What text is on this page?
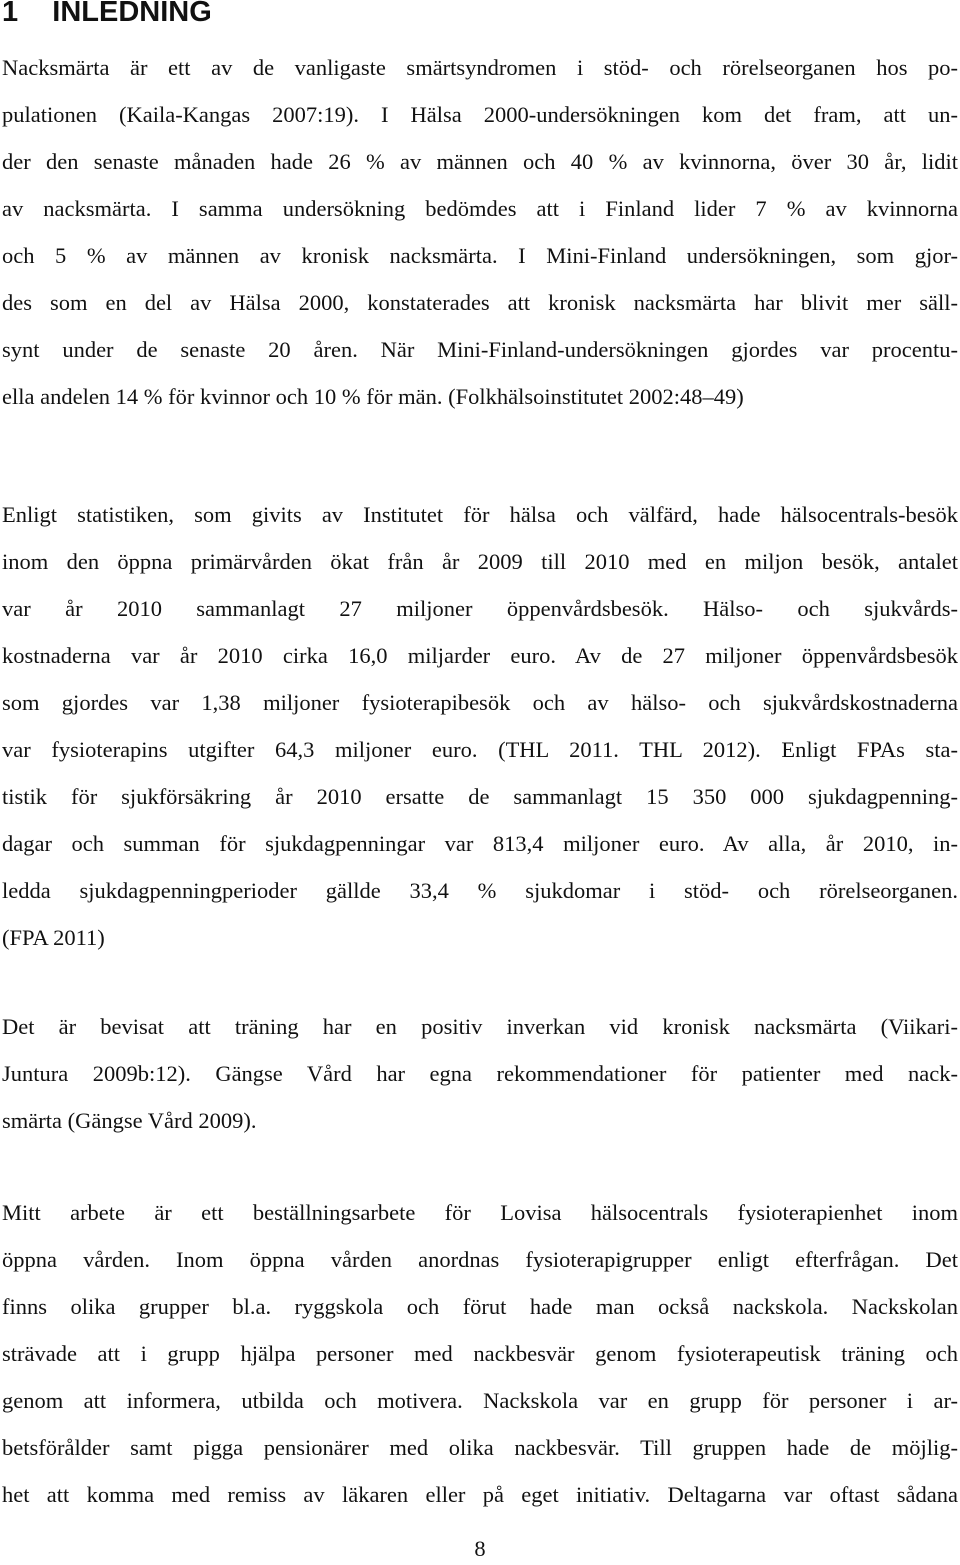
1 INLEDNING
Nacksmärta är ett av de vanligaste smärtsyndromen i stöd- och rörelseorganen hos po-
pulationen (Kaila-Kangas 2007:19). I Hälsa 2000-undersökningen kom det fram, att un-
der den senaste månaden hade 26 % av männen och 40 % av kvinnorna, över 30 år, lidit
av nacksmärta. I samma undersökning bedömdes att i Finland lider 7 % av kvinnorna
och 5 % av männen av kronisk nacksmärta. I Mini-Finland undersökningen, som gjor-
des som en del av Hälsa 2000, konstaterades att kronisk nacksmärta har blivit mer säll-
synt under de senaste 20 åren. När Mini-Finland-undersökningen gjordes var procentu-
ella andelen 14 % för kvinnor och 10 % för män. (Folkhälsoinstitutet 2002:48–49)
Enligt statistiken, som givits av Institutet för hälsa och välfärd, hade hälsocentrals-besök
inom den öppna primärvården ökat från år 2009 till 2010 med en miljon besök, antalet
var år 2010 sammanlagt 27 miljoner öppenvårdsbesök. Hälso- och sjukvårds-
kostnaderna var år 2010 cirka 16,0 miljarder euro. Av de 27 miljoner öppenvårdsbesök
som gjordes var 1,38 miljoner fysioterapibesök och av hälso- och sjukvårdskostnaderna
var fysioterapins utgifter 64,3 miljoner euro. (THL 2011. THL 2012). Enligt FPAs sta-
tistik för sjukförsäkring år 2010 ersatte de sammanlagt 15 350 000 sjukdagpenning-
dagar och summan för sjukdagpenningar var 813,4 miljoner euro. Av alla, år 2010, in-
ledda sjukdagpenningperioder gällde 33,4 % sjukdomar i stöd- och rörelseorganen.
(FPA 2011)
Det är bevisat att träning har en positiv inverkan vid kronisk nacksmärta (Viikari-
Juntura 2009b:12). Gängse Vård har egna rekommendationer för patienter med nack-
smärta (Gängse Vård 2009).
Mitt arbete är ett beställningsarbete för Lovisa hälsocentrals fysioterapienhet inom
öppna vården. Inom öppna vården anordnas fysioterapigrupper enligt efterfrågan. Det
finns olika grupper bl.a. ryggskola och förut hade man också nackskola. Nackskolan
strävade att i grupp hjälpa personer med nackbesvär genom fysioterapeutisk träning och
genom att informera, utbilda och motivera. Nackskola var en grupp för personer i ar-
betsförålder samt pigga pensionärer med olika nackbesvär. Till gruppen hade de möjlig-
het att komma med remiss av läkaren eller på eget initiativ. Deltagarna var oftast sådana
8
